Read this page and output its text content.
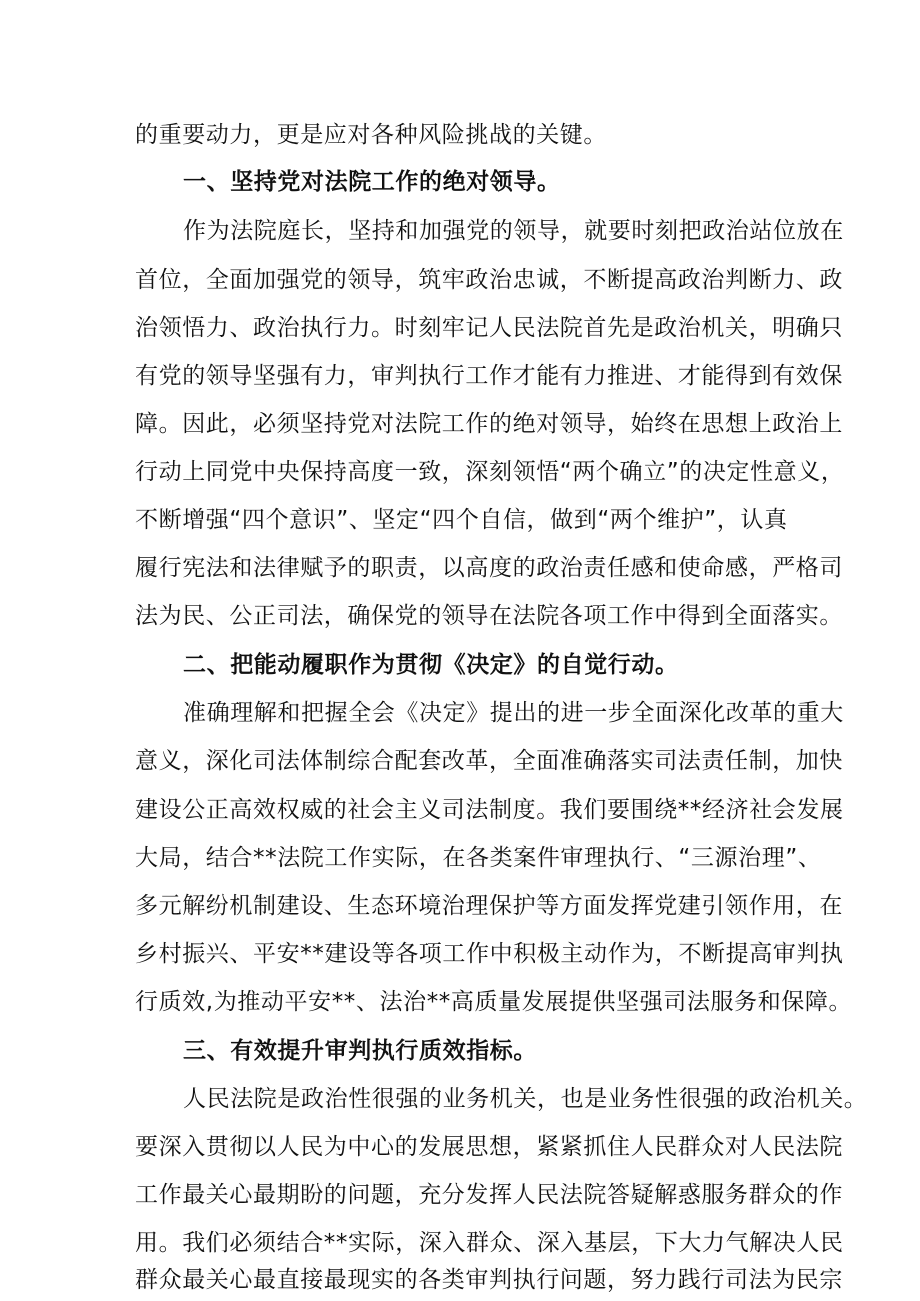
的重要动力，更是应对各种风险挑战的关键。
一、坚持党对法院工作的绝对领导。
作为法院庭长，坚持和加强党的领导，就要时刻把政治站位放在
首位，全面加强党的领导，筑牢政治忠诚，不断提高政治判断力、政
治领悟力、政治执行力。时刻牢记人民法院首先是政治机关，明确只
有党的领导坚强有力，审判执行工作才能有力推进、才能得到有效保
障。因此，必须坚持党对法院工作的绝对领导，始终在思想上政治上
行动上同党中央保持高度一致，深刻领悟“两个确立”的决定性意义，
不断增强“四个意识”、坚定“四个自信，做到“两个维护”，认真
履行宪法和法律赋予的职责，以高度的政治责任感和使命感，严格司
法为民、公正司法，确保党的领导在法院各项工作中得到全面落实。
二、把能动履职作为贯彻《决定》的自觉行动。
准确理解和把握全会《决定》提出的进一步全面深化改革的重大
意义，深化司法体制综合配套改革，全面准确落实司法责任制，加快
建设公正高效权威的社会主义司法制度。我们要围绕**经济社会发展
大局，结合**法院工作实际，在各类案件审理执行、“三源治理”、
多元解纷机制建设、生态环境治理保护等方面发挥党建引领作用，在
乡村振兴、平安**建设等各项工作中积极主动作为，不断提高审判执
行质效,为推动平安**、法治**高质量发展提供坚强司法服务和保障。
三、有效提升审判执行质效指标。
人民法院是政治性很强的业务机关，也是业务性很强的政治机关。
要深入贯彻以人民为中心的发展思想，紧紧抓住人民群众对人民法院
工作最关心最期盼的问题，充分发挥人民法院答疑解惑服务群众的作
用。我们必须结合**实际，深入群众、深入基层，下大力气解决人民
群众最关心最直接最现实的各类审判执行问题，努力践行司法为民宗
